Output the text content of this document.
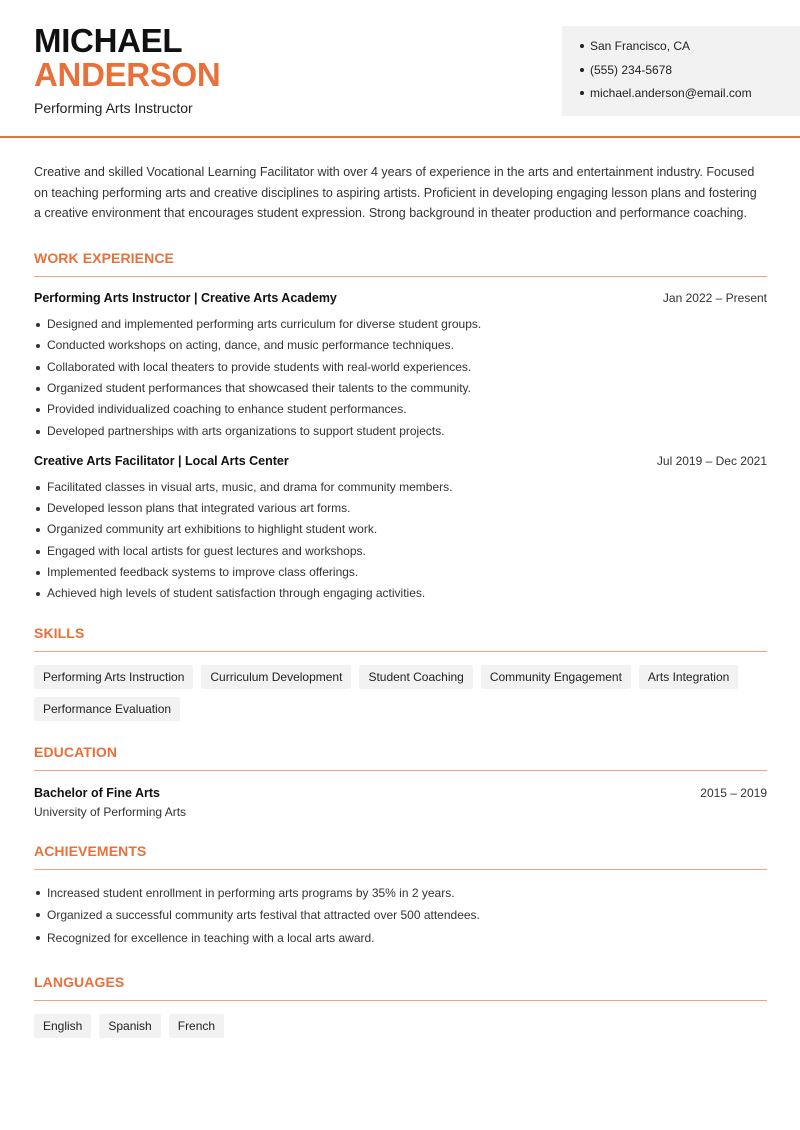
MICHAEL
ANDERSON
Performing Arts Instructor
San Francisco, CA
(555) 234-5678
michael.anderson@email.com

Creative and skilled Vocational Learning Facilitator with over 4 years of experience in the arts and entertainment industry. Focused on teaching performing arts and creative disciplines to aspiring artists. Proficient in developing engaging lesson plans and fostering a creative environment that encourages student expression. Strong background in theater production and performance coaching.

WORK EXPERIENCE
Performing Arts Instructor | Creative Arts Academy	Jan 2022 – Present
Designed and implemented performing arts curriculum for diverse student groups.
Conducted workshops on acting, dance, and music performance techniques.
Collaborated with local theaters to provide students with real-world experiences.
Organized student performances that showcased their talents to the community.
Provided individualized coaching to enhance student performances.
Developed partnerships with arts organizations to support student projects.
Creative Arts Facilitator | Local Arts Center	Jul 2019 – Dec 2021
Facilitated classes in visual arts, music, and drama for community members.
Developed lesson plans that integrated various art forms.
Organized community art exhibitions to highlight student work.
Engaged with local artists for guest lectures and workshops.
Implemented feedback systems to improve class offerings.
Achieved high levels of student satisfaction through engaging activities.
SKILLS
Performing Arts Instruction	Curriculum Development	Student Coaching	Community Engagement	Arts Integration
Performance Evaluation
EDUCATION
Bachelor of Fine Arts	2015 – 2019
University of Performing Arts
ACHIEVEMENTS
Increased student enrollment in performing arts programs by 35% in 2 years.
Organized a successful community arts festival that attracted over 500 attendees.
Recognized for excellence in teaching with a local arts award.
LANGUAGES
English	Spanish	French
